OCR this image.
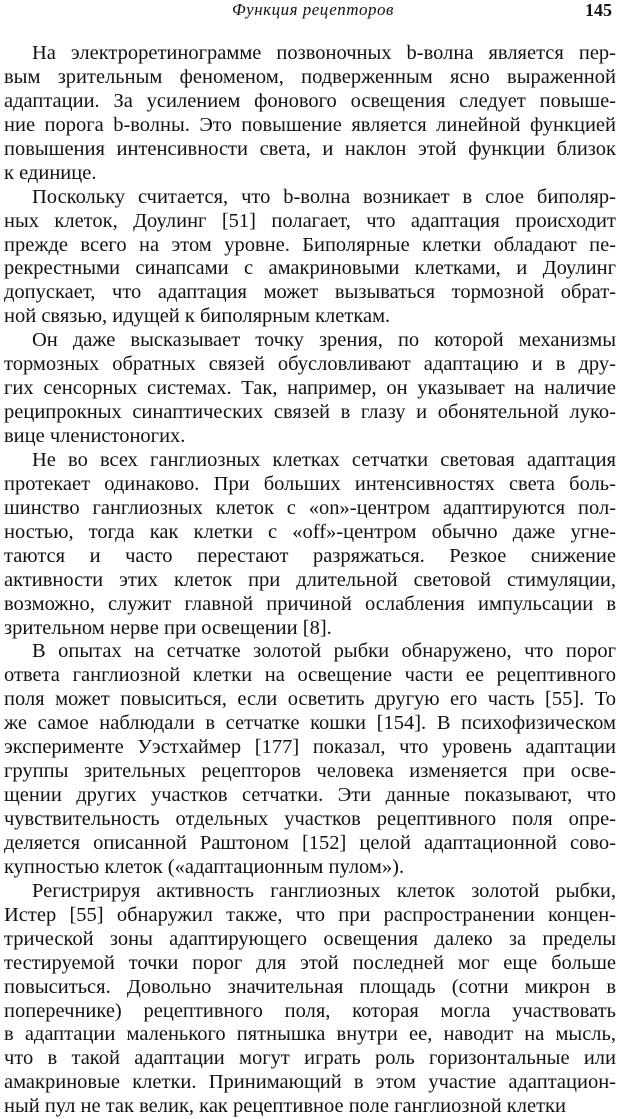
Функция рецепторов	145
На электроретинограмме позвоночных b-волна является пер-
вым зрительным феноменом, подверженным ясно выраженной
адаптации. За усилением фонового освещения следует повыше-
ние порога b-волны. Это повышение является линейной функцией
повышения интенсивности света, и наклон этой функции близок
к единице.
Поскольку считается, что b-волна возникает в слое биполяр-
ных клеток, Доулинг [51] полагает, что адаптация происходит
прежде всего на этом уровне. Биполярные клетки обладают пе-
рекрестными синапсами с амакриновыми клетками, и Доулинг
допускает, что адаптация может вызываться тормозной обрат-
ной связью, идущей к биполярным клеткам.
Он даже высказывает точку зрения, по которой механизмы
тормозных обратных связей обусловливают адаптацию и в дру-
гих сенсорных системах. Так, например, он указывает на наличие
реципрокных синаптических связей в глазу и обонятельной луко-
вице членистоногих.
Не во всех ганглиозных клетках сетчатки световая адаптация
протекает одинаково. При больших интенсивностях света боль-
шинство ганглиозных клеток с «on»-центром адаптируются пол-
ностью, тогда как клетки с «off»-центром обычно даже угне-
таются и часто перестают разряжаться. Резкое снижение
активности этих клеток при длительной световой стимуляции,
возможно, служит главной причиной ослабления импульсации в
зрительном нерве при освещении [8].
В опытах на сетчатке золотой рыбки обнаружено, что порог
ответа ганглиозной клетки на освещение части ее рецептивного
поля может повыситься, если осветить другую его часть [55]. То
же самое наблюдали в сетчатке кошки [154]. В психофизическом
эксперименте Уэстхаймер [177] показал, что уровень адаптации
группы зрительных рецепторов человека изменяется при осве-
щении других участков сетчатки. Эти данные показывают, что
чувствительность отдельных участков рецептивного поля опре-
деляется описанной Раштоном [152] целой адаптационной сово-
купностью клеток («адаптационным пулом»).
Регистрируя активность ганглиозных клеток золотой рыбки,
Истер [55] обнаружил также, что при распространении концен-
трической зоны адаптирующего освещения далеко за пределы
тестируемой точки порог для этой последней мог еще больше
повыситься. Довольно значительная площадь (сотни микрон в
поперечнике) рецептивного поля, которая могла участвовать
в адаптации маленького пятнышка внутри ее, наводит на мысль,
что в такой адаптации могут играть роль горизонтальные или
амакриновые клетки. Принимающий в этом участие адаптацион-
ный пул не так велик, как рецептивное поле ганглиозной клетки
